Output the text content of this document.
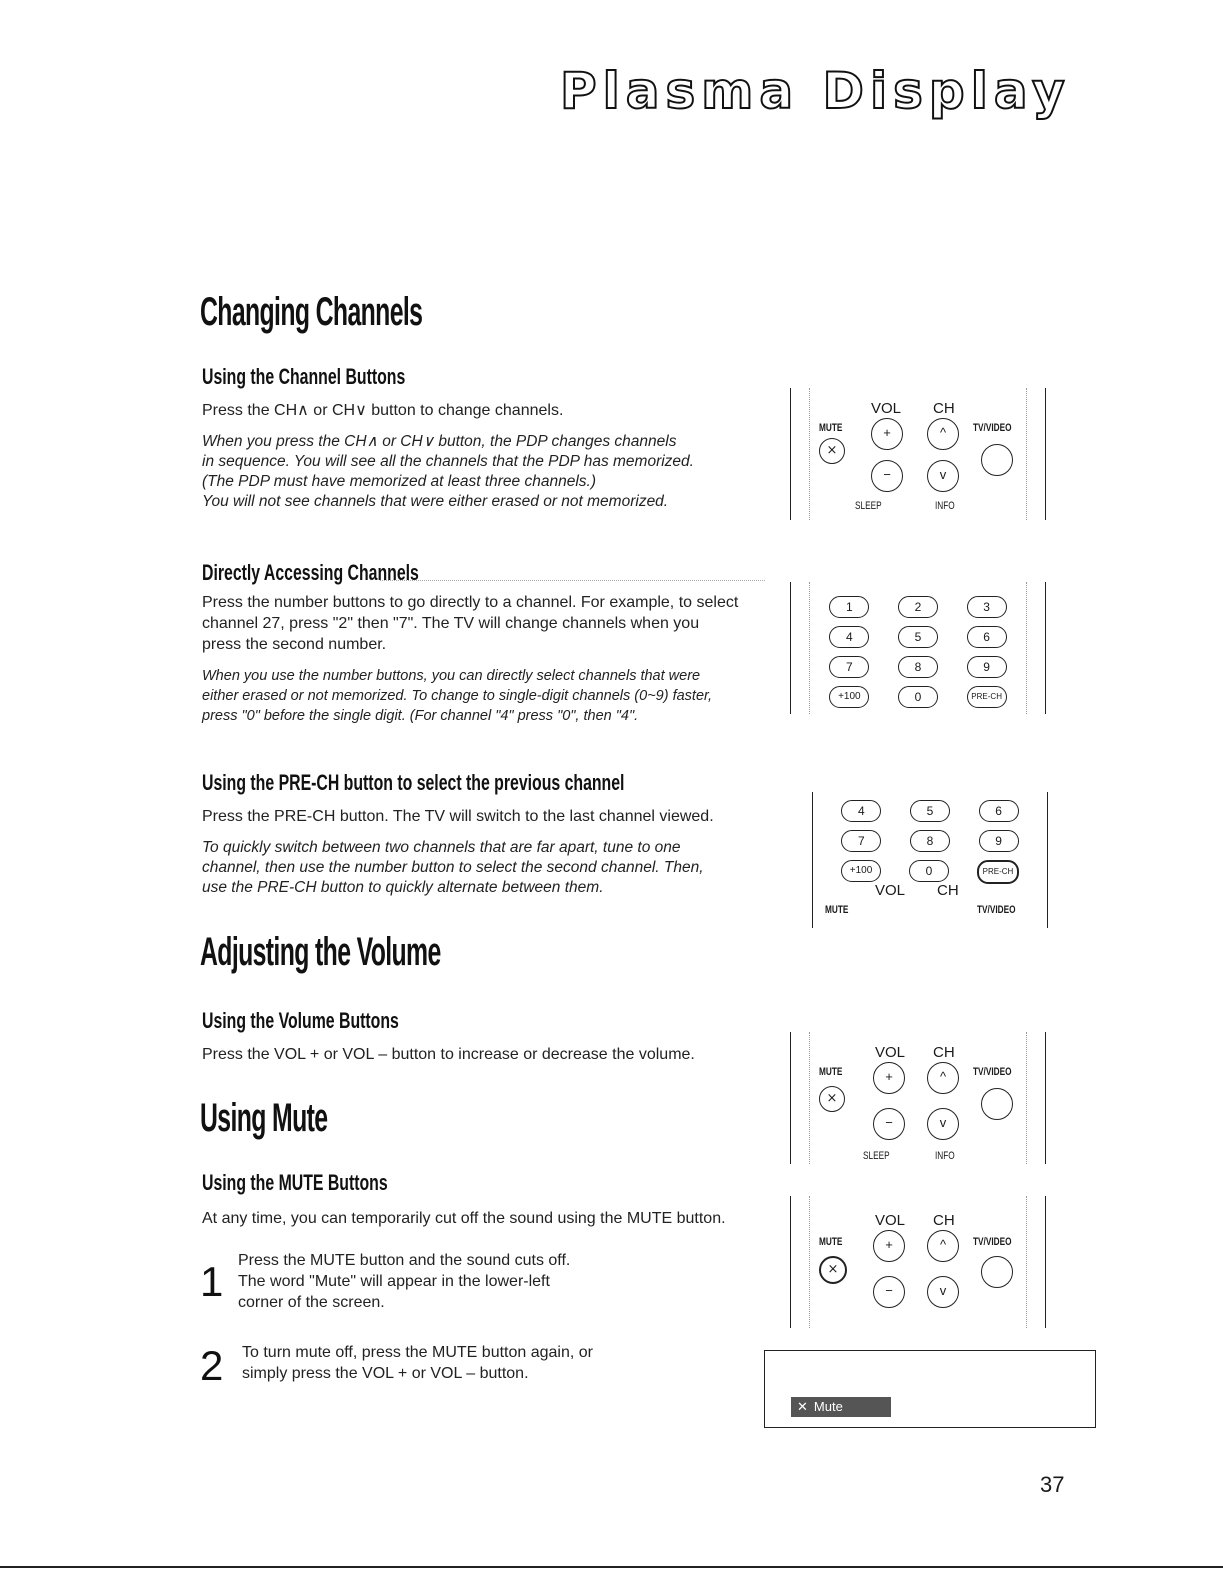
Plasma Display
Changing Channels
Using the Channel Buttons
Press the CH∧ or CH∨ button to change channels.
When you press the CH∧ or CH∨ button, the PDP changes channels
in sequence. You will see all the channels that the PDP has memorized.
(The PDP must have memorized at least three channels.)
You will not see channels that were either erased or not memorized.
Directly Accessing Channels
Press the number buttons to go directly to a channel. For example, to select
channel 27, press "2" then "7". The TV will change channels when you
press the second number.
When you use the number buttons, you can directly select channels that were
either erased or not memorized. To change to single-digit channels (0~9) faster,
press "0" before the single digit. (For channel "4" press "0", then "4".
Using the PRE-CH button to select the previous channel
Press the PRE-CH button. The TV will switch to the last channel viewed.
To quickly switch between two channels that are far apart, tune to one
channel, then use the number button to select the second channel. Then,
use the PRE-CH button to quickly alternate between them.
Adjusting the Volume
Using the Volume Buttons
Press the VOL + or VOL – button to increase or decrease the volume.
Using Mute
Using the MUTE Buttons
At any time, you can temporarily cut off the sound using the MUTE button.
1 Press the MUTE button and the sound cuts off.
The word "Mute" will appear in the lower-left
corner of the screen.
2 To turn mute off, press the MUTE button again, or
simply press the VOL + or VOL – button.
VOL CH
MUTE	TV/VIDEO
+	^
⨯
−	v
SLEEP	INFO
1	2	3
4	5	6
7	8	9
+100	0	PRE-CH
4	5	6
7	8	9
+100	0	PRE-CH
VOL CH
MUTE	TV/VIDEO
VOL CH
MUTE	TV/VIDEO
+	^
⨯
−	v
SLEEP	INFO
VOL CH
MUTE	TV/VIDEO
+	^
⨯
−	v
✕ Mute
37
